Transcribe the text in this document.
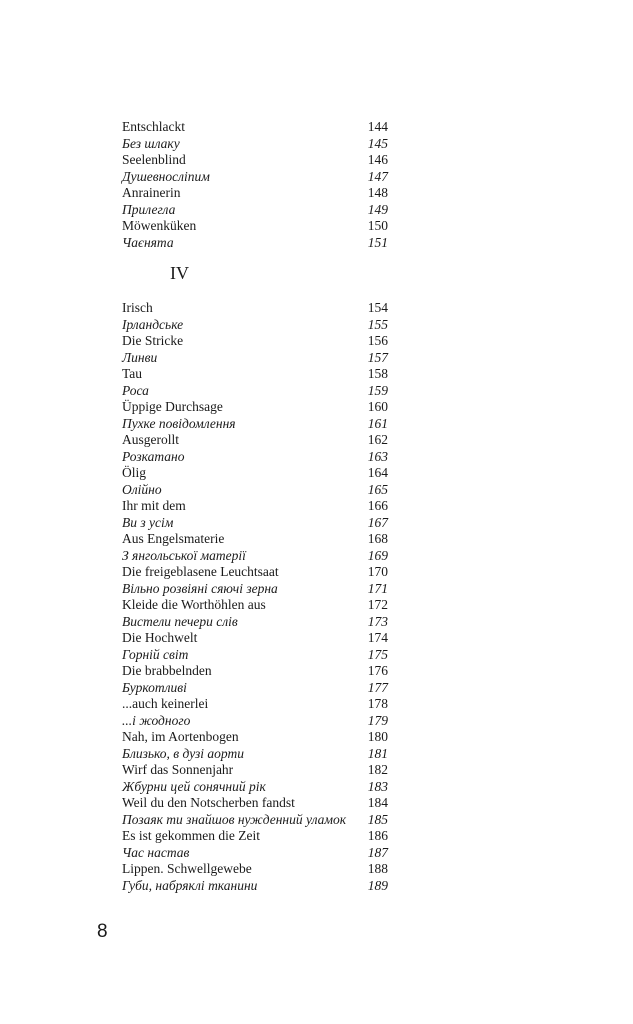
Entschlackt	144
Без шлаку	145
Seelenblind	146
Душевносліпим	147
Anrainerin	148
Прилегла	149
Möwenküken	150
Чаєнята	151
IV
Irisch	154
Ірландське	155
Die Stricke	156
Линви	157
Tau	158
Роса	159
Üppige Durchsage	160
Пухке повідомлення	161
Ausgerollt	162
Розкатано	163
Ölig	164
Олійно	165
Ihr mit dem	166
Ви з усім	167
Aus Engelsmaterie	168
З янгольської матерії	169
Die freigeblasene Leuchtsaat	170
Вільно розвіяні сяючі зерна	171
Kleide die Worthöhlen aus	172
Вистели печери слів	173
Die Hochwelt	174
Горній світ	175
Die brabbelnden	176
Буркотливі	177
...auch keinerlei	178
...і жодного	179
Nah, im Aortenbogen	180
Близько, в дузі аорти	181
Wirf das Sonnenjahr	182
Жбурни цей сонячний рік	183
Weil du den Notscherben fandst	184
Позаяк ти знайшов нужденний уламок 185
Es ist gekommen die Zeit	186
Час настав	187
Lippen. Schwellgewebe	188
Губи, набряклі тканини	189
8
